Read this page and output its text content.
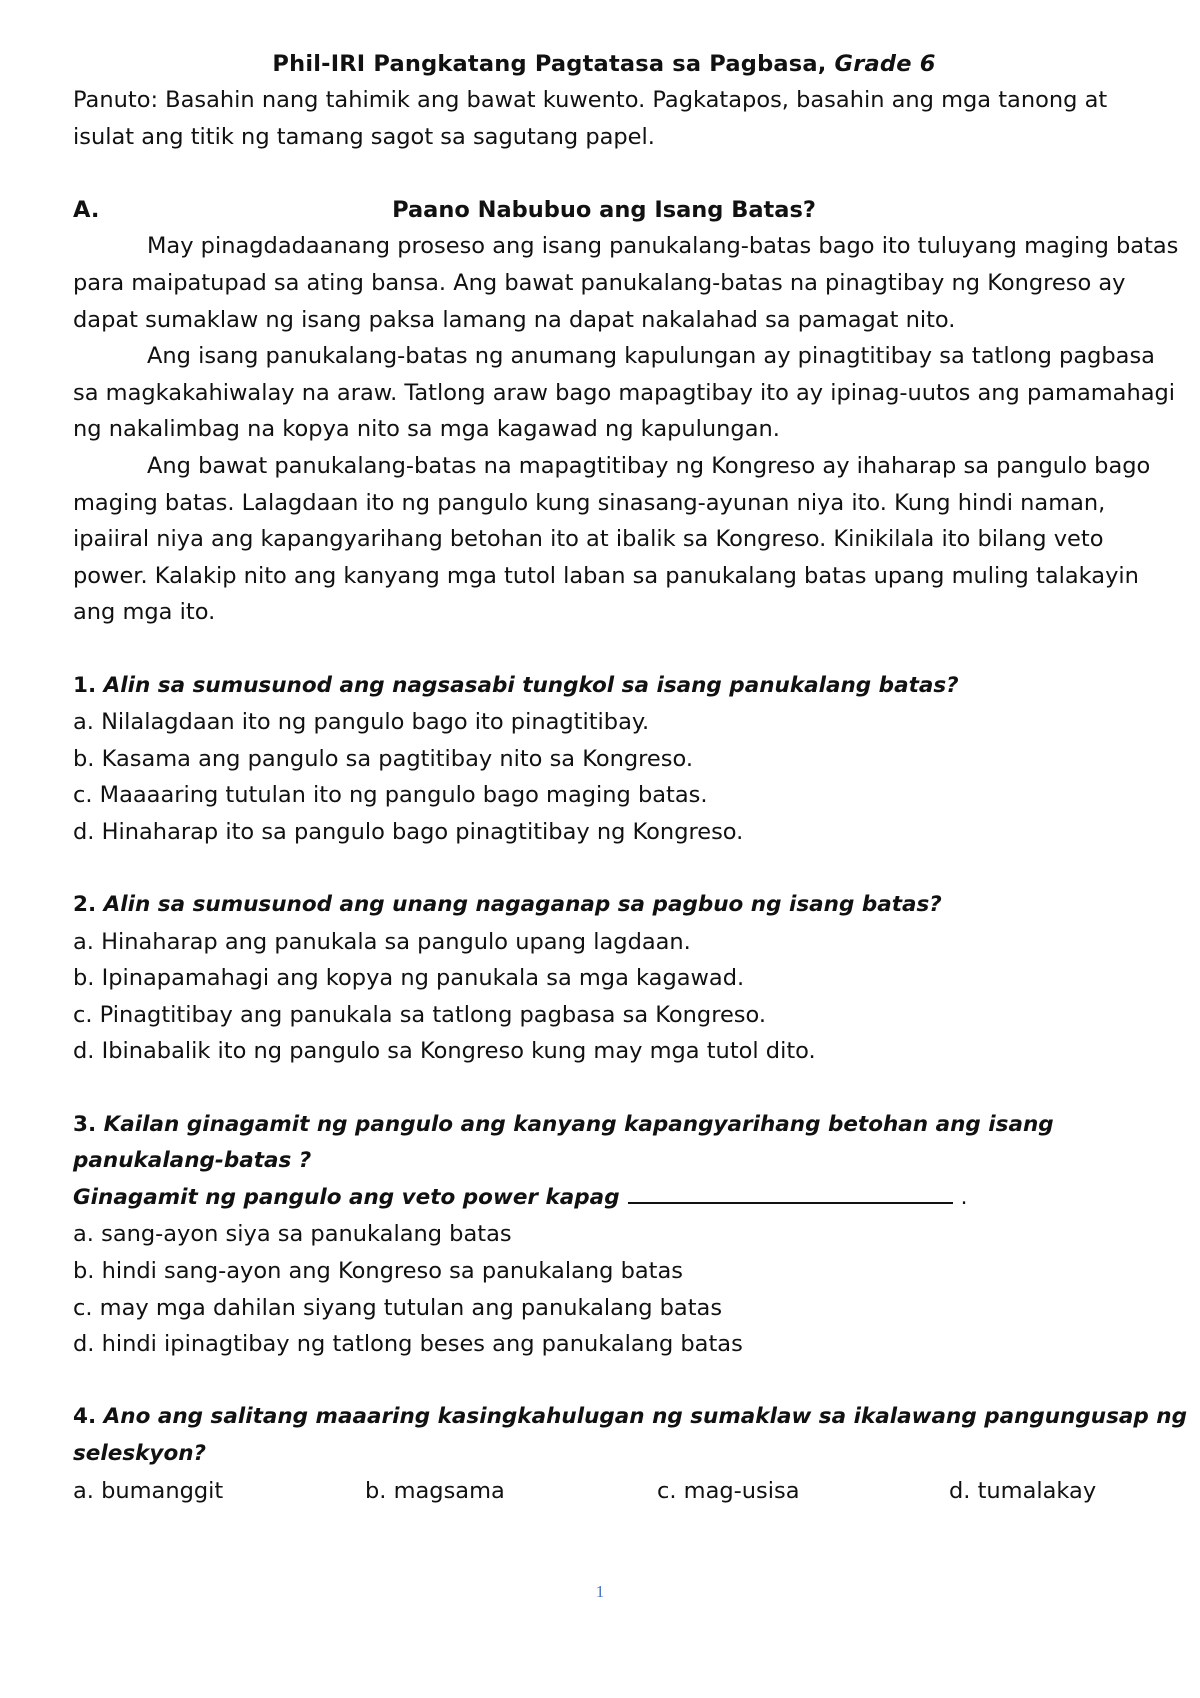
Phil-IRI Pangkatang Pagtatasa sa Pagbasa, Grade 6
Panuto: Basahin nang tahimik ang bawat kuwento. Pagkatapos, basahin ang mga tanong at
isulat ang titik ng tamang sagot sa sagutang papel.
A.	Paano Nabubuo ang Isang Batas?
May pinagdadaanang proseso ang isang panukalang-batas bago ito tuluyang maging batas
para maipatupad sa ating bansa. Ang bawat panukalang-batas na pinagtibay ng Kongreso ay
dapat sumaklaw ng isang paksa lamang na dapat nakalahad sa pamagat nito.
Ang isang panukalang-batas ng anumang kapulungan ay pinagtitibay sa tatlong pagbasa
sa magkakahiwalay na araw. Tatlong araw bago mapagtibay ito ay ipinag-uutos ang pamamahagi
ng nakalimbag na kopya nito sa mga kagawad ng kapulungan.
Ang bawat panukalang-batas na mapagtitibay ng Kongreso ay ihaharap sa pangulo bago
maging batas. Lalagdaan ito ng pangulo kung sinasang-ayunan niya ito. Kung hindi naman,
ipaiiral niya ang kapangyarihang betohan ito at ibalik sa Kongreso. Kinikilala ito bilang veto
power. Kalakip nito ang kanyang mga tutol laban sa panukalang batas upang muling talakayin
ang mga ito.
1. Alin sa sumusunod ang nagsasabi tungkol sa isang panukalang batas?
a. Nilalagdaan ito ng pangulo bago ito pinagtitibay.
b. Kasama ang pangulo sa pagtitibay nito sa Kongreso.
c. Maaaaring tutulan ito ng pangulo bago maging batas.
d. Hinaharap ito sa pangulo bago pinagtitibay ng Kongreso.
2. Alin sa sumusunod ang unang nagaganap sa pagbuo ng isang batas?
a. Hinaharap ang panukala sa pangulo upang lagdaan.
b. Ipinapamahagi ang kopya ng panukala sa mga kagawad.
c. Pinagtitibay ang panukala sa tatlong pagbasa sa Kongreso.
d. Ibinabalik ito ng pangulo sa Kongreso kung may mga tutol dito.
3. Kailan ginagamit ng pangulo ang kanyang kapangyarihang betohan ang isang
panukalang-batas ?
Ginagamit ng pangulo ang veto power kapag	.
a. sang-ayon siya sa panukalang batas
b. hindi sang-ayon ang Kongreso sa panukalang batas
c. may mga dahilan siyang tutulan ang panukalang batas
d. hindi ipinagtibay ng tatlong beses ang panukalang batas
4. Ano ang salitang maaaring kasingkahulugan ng sumaklaw sa ikalawang pangungusap ng
seleskyon?
a. bumanggit	b. magsama	c. mag-usisa	d. tumalakay
1
